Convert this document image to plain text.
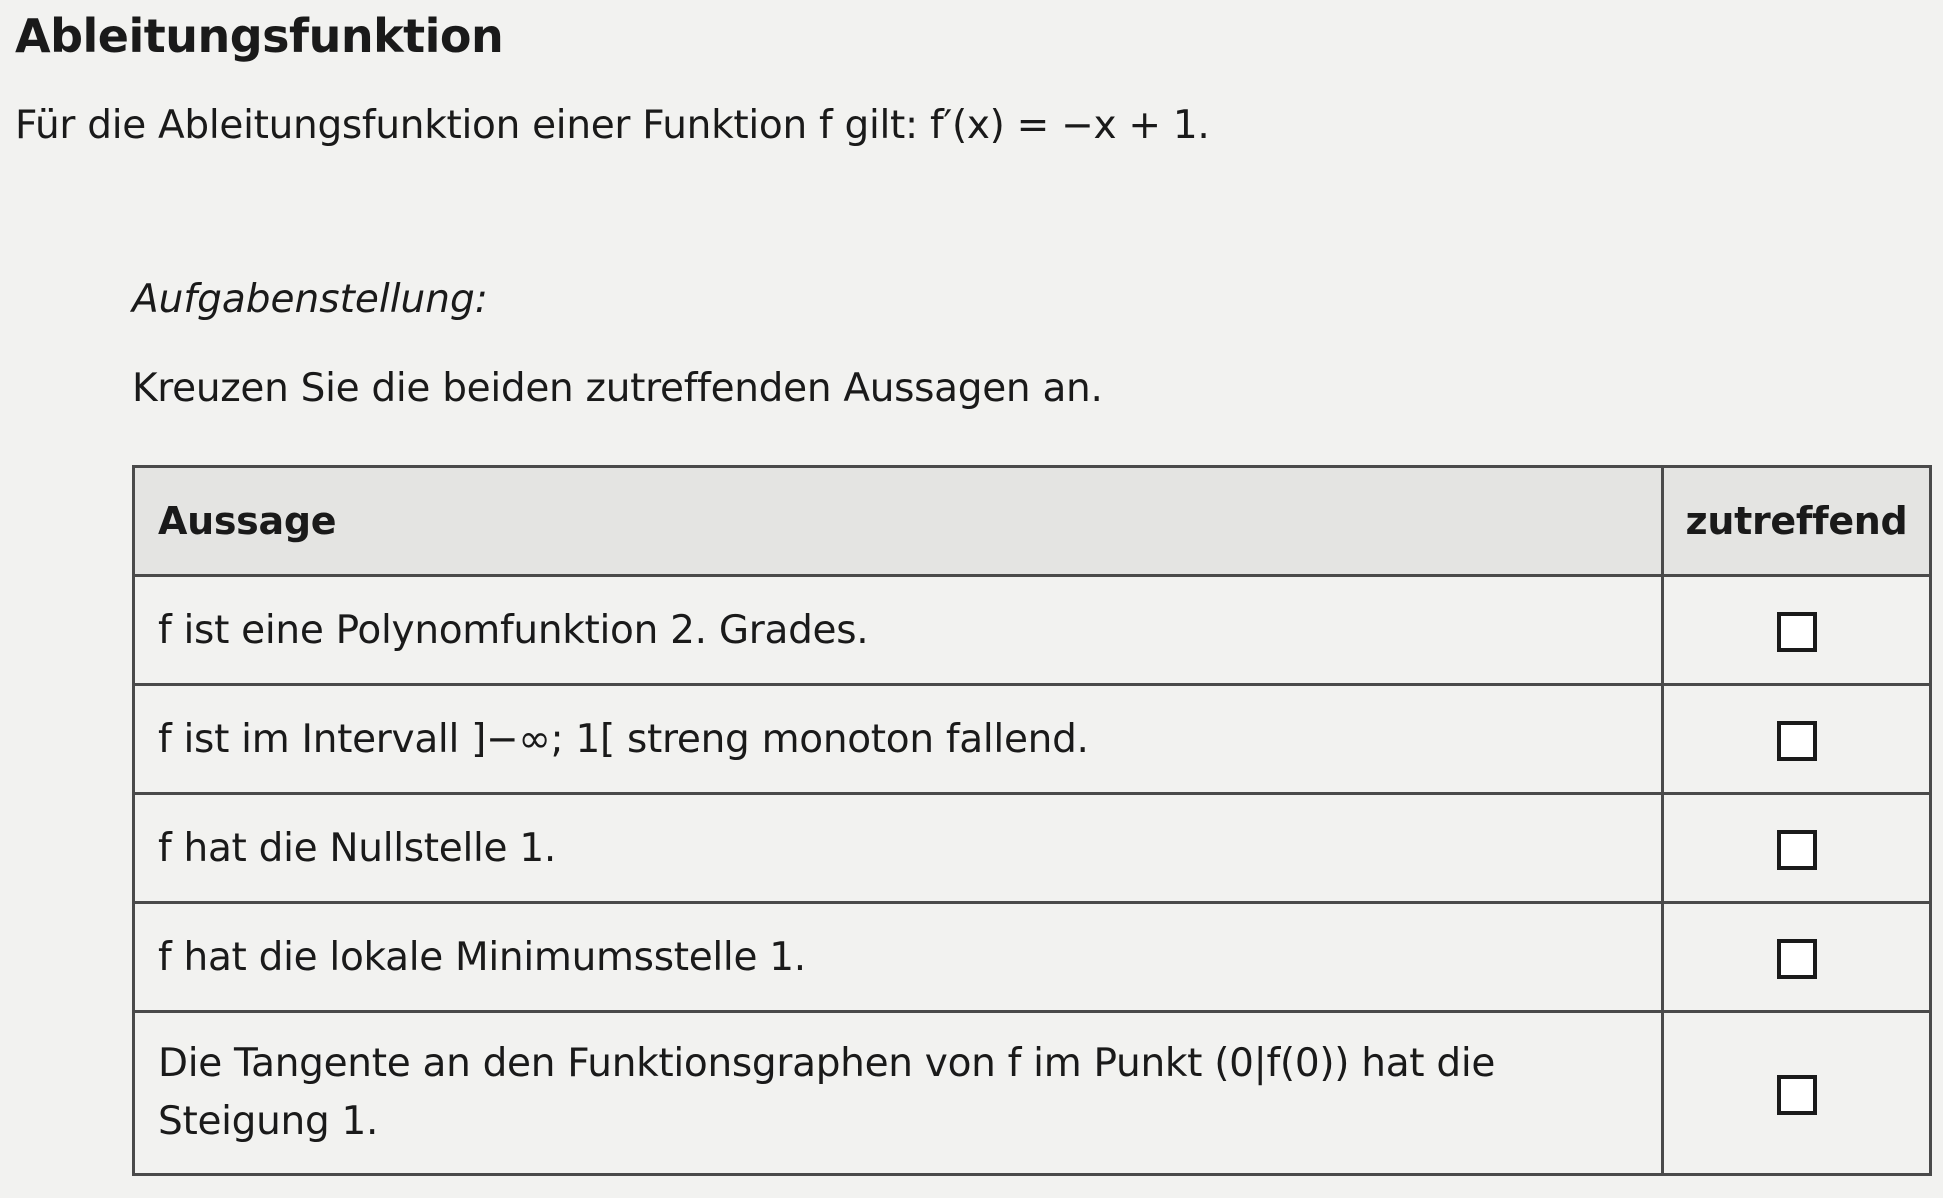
Ableitungsfunktion
Für die Ableitungsfunktion einer Funktion f gilt: f′(x) = −x + 1.
Aufgabenstellung:
Kreuzen Sie die beiden zutreffenden Aussagen an.
Aussage	zutreffend
f ist eine Polynomfunktion 2. Grades.	
f ist im Intervall ]−∞; 1[ streng monoton fallend.	
f hat die Nullstelle 1.	
f hat die lokale Minimumsstelle 1.	
Die Tangente an den Funktionsgraphen von f im Punkt (0|f(0)) hat die Steigung 1.	
